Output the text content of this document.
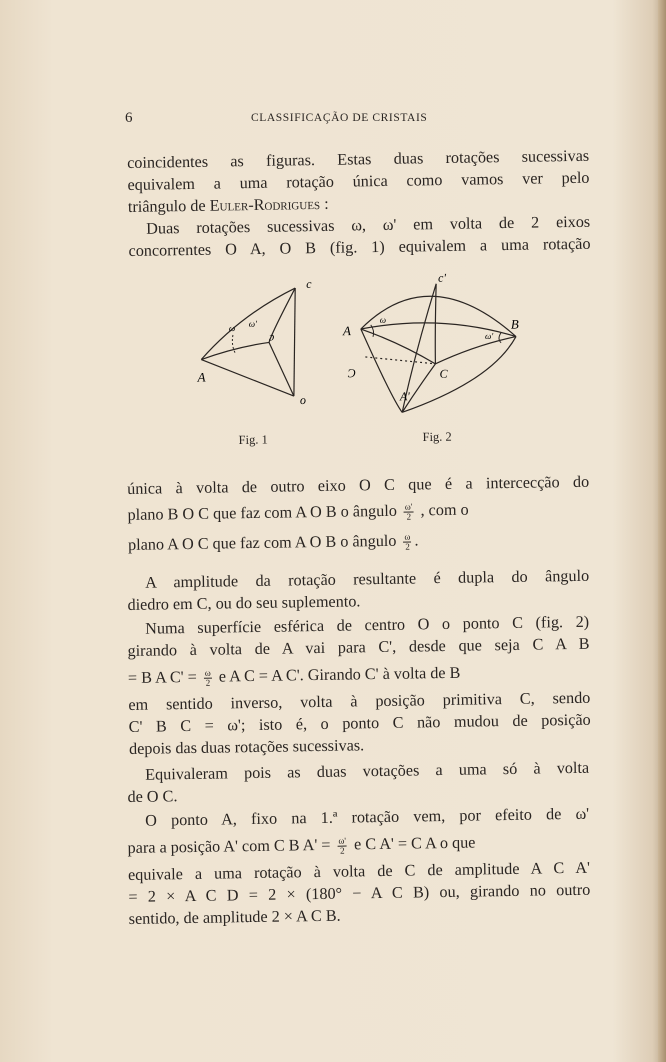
6	CLASSIFICAÇÃO DE CRISTAIS
coincidentes as figuras. Estas duas rotações sucessivas
equivalem a uma rotação única como vamos ver pelo
triângulo de Euler-Rodrigues :
Duas rotações sucessivas ω, ω' em volta de 2 eixos
concorrentes O A, O B (fig. 1) equivalem a uma rotação
c
A
o
ɔ
ω ω'
c'
A	B
C
Ɔ
A'
ω
ω'
Fig. 1	Fig. 2
única à volta de outro eixo O C que é a intercecção do
plano B O C que faz com A O B o ângulo $\frac{\omega'}{2}$ , com o
plano A O C que faz com A O B o ângulo $\frac{\omega}{2}$ .
A amplitude da rotação resultante é dupla do ângulo
diedro em C, ou do seu suplemento.
Numa superfície esférica de centro O o ponto C (fig. 2)
girando à volta de A vai para C', desde que seja C A B
= B A $C' = \frac{\omega}{2}$ e A C = A C'. Girando C' à volta de B
em sentido inverso, volta à posição primitiva C, sendo
C' B C = ω'; isto é, o ponto C não mudou de posição
depois das duas rotações sucessivas.
Equivaleram pois as duas votações a uma só à volta
de O C.
O ponto A, fixo na 1.ª rotação vem, por efeito de ω'
para a posição A' com C B $A' = \frac{\omega'}{2}$ e C A' = C A o que
equivale a uma rotação à volta de C de amplitude A C A'
= 2 × A C D = 2 × (180° − A C B) ou, girando no outro
sentido, de amplitude 2 × A C B.
